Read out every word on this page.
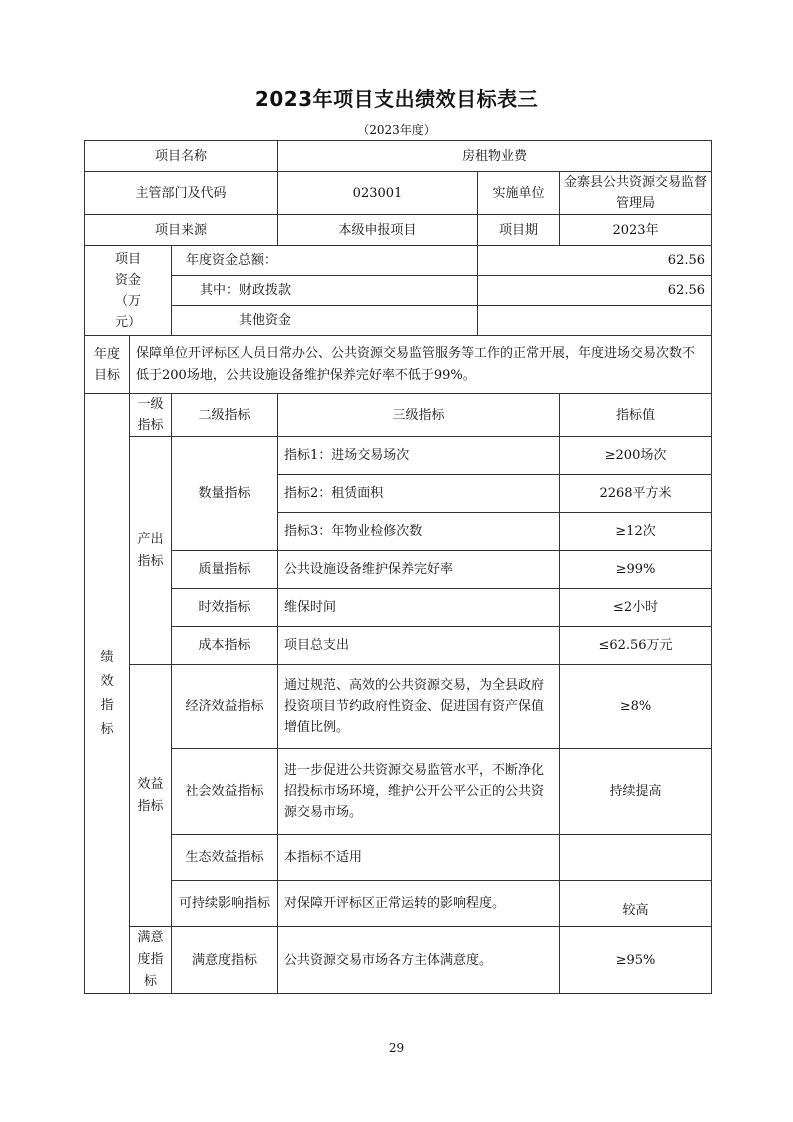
2023年项目支出绩效目标表三
（2023年度）
项目名称			房租物业费		
主管部门及代码			023001	实施单位	金寨县公共资源交易监督管理局
项目来源			本级申报项目	项目期	2023年
项目资金（万元）		年度资金总额：		62.56	
		其中：财政拨款		62.56	
		其他资金			
年度目标	保障单位开评标区人员日常办公、公共资源交易监管服务等工作的正常开展，年度进场交易次数不低于200场地，公共设施设备维护保养完好率不低于99%。				
绩效指标	一级指标	二级指标	三级指标		指标值
	产出指标	数量指标	指标1：进场交易场次		≥200场次
			指标2：租赁面积		2268平方米
			指标3：年物业检修次数		≥12次
		质量指标	公共设施设备维护保养完好率		≥99%
		时效指标	维保时间		≤2小时
		成本指标	项目总支出		≤62.56万元
	效益指标	经济效益指标	通过规范、高效的公共资源交易，为全县政府投资项目节约政府性资金、促进国有资产保值增值比例。		≥8%
		社会效益指标	进一步促进公共资源交易监管水平，不断净化招投标市场环境，维护公开公平公正的公共资源交易市场。		持续提高
		生态效益指标	本指标不适用		
		可持续影响指标	对保障开评标区正常运转的影响程度。		较高
	满意度指标	满意度指标	公共资源交易市场各方主体满意度。		≥95%
29
